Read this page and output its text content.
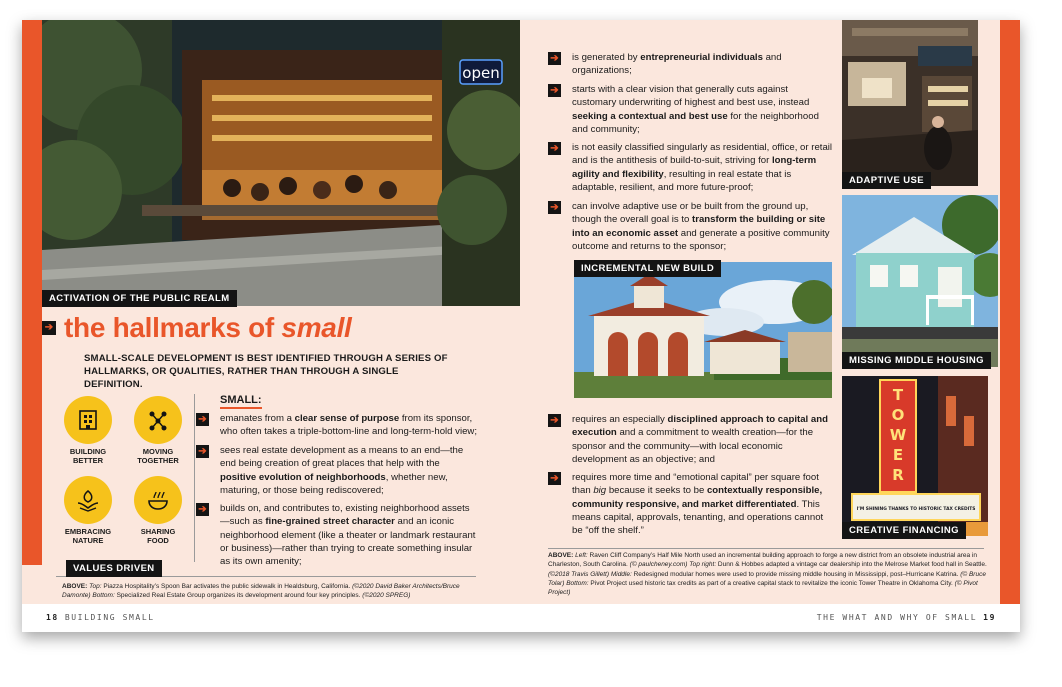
open
ACTIVATION OF THE PUBLIC REALM
➔ the hallmarks of small
SMALL-SCALE DEVELOPMENT IS BEST IDENTIFIED THROUGH A SERIES OF HALLMARKS, OR QUALITIES, RATHER THAN THROUGH A SINGLE DEFINITION.
BUILDING
BETTER
MOVING
TOGETHER
EMBRACING
NATURE
SHARING
FOOD
VALUES DRIVEN
SMALL:
➔ emanates from a clear sense of purpose from its sponsor, who often takes a triple-bottom-line and long-term-hold view;

➔ sees real estate development as a means to an end—the end being creation of great places that help with the positive evolution of neighborhoods, whether new, maturing, or those being rediscovered;

➔ builds on, and contributes to, existing neighborhood assets—such as fine-grained street character and an iconic neighborhood element (like a theater or landmark restaurant or business)—rather than trying to create something insular as its own amenity;

ABOVE: Top: Piazza Hospitality’s Spoon Bar activates the public sidewalk in Healdsburg, California. (©2020 David Baker Architects/Bruce Damonte) Bottom: Specialized Real Estate Group organizes its development around four key principles. (©2020 SPREG)
➔ is generated by entrepreneurial individuals and organizations;

➔ starts with a clear vision that generally cuts against customary underwriting of highest and best use, instead seeking a contextual and best use for the neighborhood and community;

➔ is not easily classified singularly as residential, office, or retail and is the antithesis of build-to-suit, striving for long-term agility and flexibility, resulting in real estate that is adaptable, resilient, and more future-proof;

➔ can involve adaptive use or be built from the ground up, though the overall goal is to transform the building or site into an economic asset and generate a positive community outcome and returns to the sponsor;

INCREMENTAL NEW BUILD
➔ requires an especially disciplined approach to capital and execution and a commitment to wealth creation—for the sponsor and the community—with local economic development as an objective; and

➔ requires more time and “emotional capital” per square foot than big because it seeks to be contextually responsible, community responsive, and market differentiated. This means capital, approvals, tenanting, and operations cannot be “off the shelf.”

ADAPTIVE USE
MISSING MIDDLE HOUSING
T
O
W
E
R
I’M SHINING THANKS TO HISTORIC TAX CREDITS
CREATIVE FINANCING
ABOVE: Left: Raven Cliff Company’s Half Mile North used an incremental building approach to forge a new district from an obsolete industrial area in Charleston, South Carolina. (© paulcheney.com) Top right: Dunn & Hobbes adapted a vintage car dealership into the Melrose Market food hall in Seattle. (©2018 Travis Gillett) Middle: Redesigned modular homes were used to provide missing middle housing in Mississippi, post–Hurricane Katrina. (© Bruce Tolar) Bottom: Pivot Project used historic tax credits as part of a creative capital stack to revitalize the iconic Tower Theatre in Oklahoma City. (© Pivot Project)
18 BUILDING SMALL	THE WHAT AND WHY OF SMALL 19
